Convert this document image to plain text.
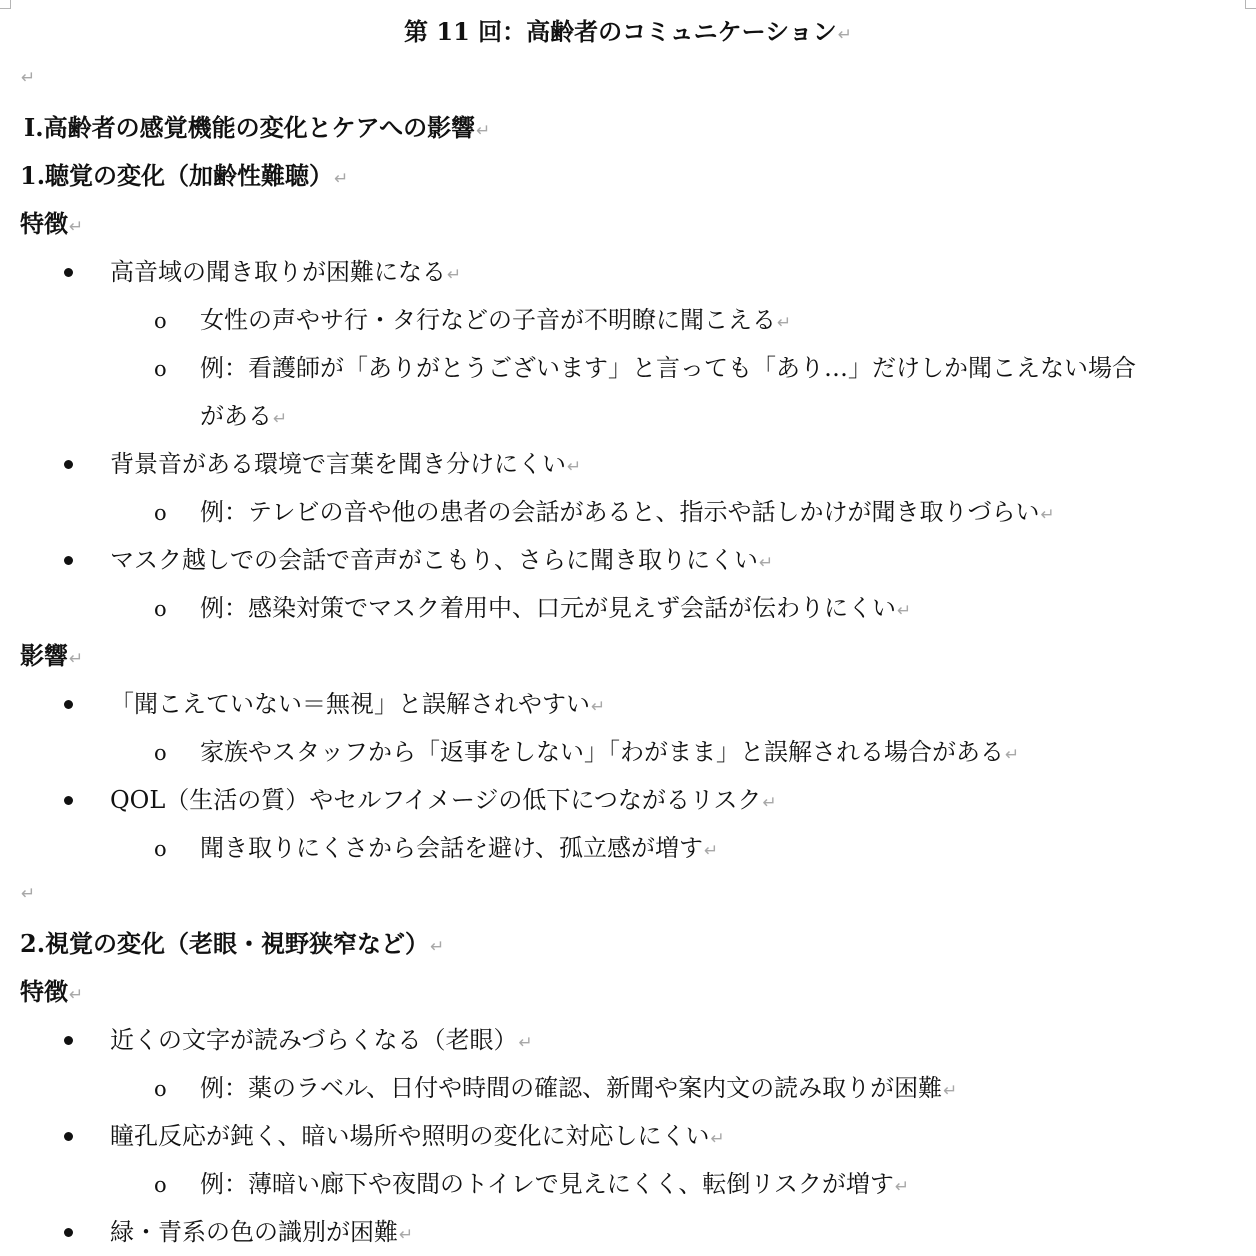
第 11 回：高齢者のコミュニケーション↵
↵
Ⅰ.高齢者の感覚機能の変化とケアへの影響↵
1.聴覚の変化（加齢性難聴）↵
特徴↵
高音域の聞き取りが困難になる↵
o 女性の声やサ行・タ行などの子音が不明瞭に聞こえる↵
o 例：看護師が「ありがとうございます」と言っても「あり…」だけしか聞こえない場合
がある↵
背景音がある環境で言葉を聞き分けにくい↵
o 例：テレビの音や他の患者の会話があると、指示や話しかけが聞き取りづらい↵
マスク越しでの会話で音声がこもり、さらに聞き取りにくい↵
o 例：感染対策でマスク着用中、口元が見えず会話が伝わりにくい↵
影響↵
「聞こえていない＝無視」と誤解されやすい↵
o 家族やスタッフから「返事をしない」「わがまま」と誤解される場合がある↵
QOL（生活の質）やセルフイメージの低下につながるリスク↵
o 聞き取りにくさから会話を避け、孤立感が増す↵
↵
2.視覚の変化（老眼・視野狭窄など）↵
特徴↵
近くの文字が読みづらくなる（老眼）↵
o 例：薬のラベル、日付や時間の確認、新聞や案内文の読み取りが困難↵
瞳孔反応が鈍く、暗い場所や照明の変化に対応しにくい↵
o 例：薄暗い廊下や夜間のトイレで見えにくく、転倒リスクが増す↵
緑・青系の色の識別が困難↵
